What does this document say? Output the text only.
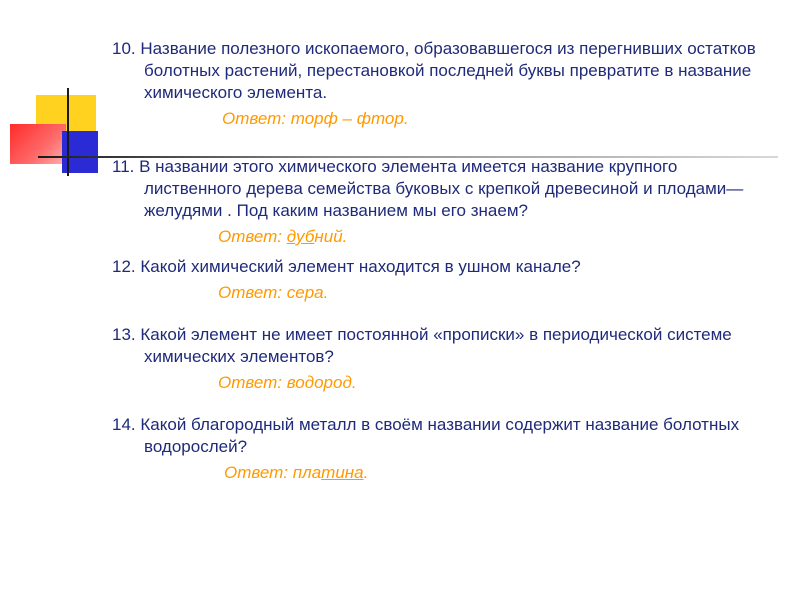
10. Название полезного ископаемого, образовавшегося из перегнивших остатков болотных растений, перестановкой последней буквы превратите в название химического элемента.

Ответ: торф – фтор.

11. В названии этого химического элемента имеется название крупного лиственного дерева семейства буковых с крепкой древесиной и плодами—желудями . Под каким названием мы его знаем?

Ответ: дубний.

12. Какой химический элемент находится в ушном канале?

Ответ: сера.

13. Какой элемент не имеет постоянной «прописки» в периодической системе химических элементов?

Ответ: водород.

14. Какой благородный металл в своём названии содержит название болотных водорослей?

Ответ: платина.
